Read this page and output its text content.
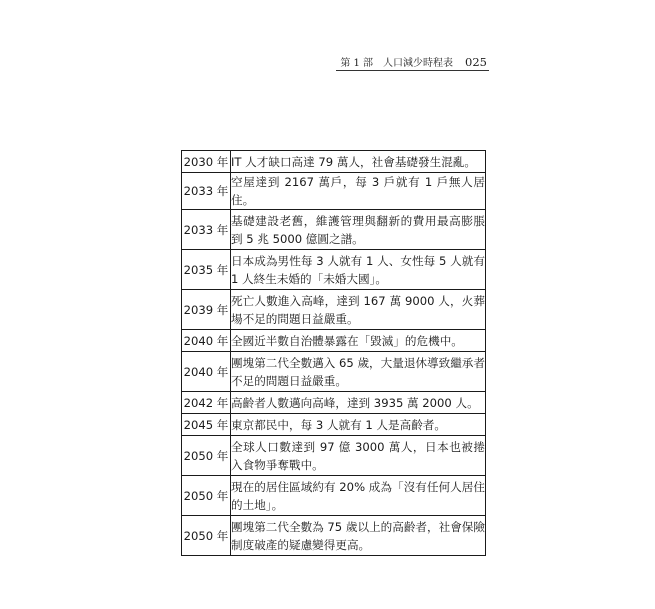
第 1 部　人口減少時程表 025
2030 年	IT 人才缺口高達 79 萬人，社會基礎發生混亂。
2033 年	空屋達到 2167 萬戶，每 3 戶就有 1 戶無人居住。
2033 年	基礎建設老舊，維護管理與翻新的費用最高膨脹到 5 兆 5000 億圓之譜。
2035 年	日本成為男性每 3 人就有 1 人、女性每 5 人就有 1 人終生未婚的「未婚大國」。
2039 年	死亡人數進入高峰，達到 167 萬 9000 人，火葬場不足的問題日益嚴重。
2040 年	全國近半數自治體暴露在「毀滅」的危機中。
2040 年	團塊第二代全數邁入 65 歲，大量退休導致繼承者不足的問題日益嚴重。
2042 年	高齡者人數邁向高峰，達到 3935 萬 2000 人。
2045 年	東京都民中，每 3 人就有 1 人是高齡者。
2050 年	全球人口數達到 97 億 3000 萬人，日本也被捲入食物爭奪戰中。
2050 年	現在的居住區域約有 20% 成為「沒有任何人居住的土地」。
2050 年	團塊第二代全數為 75 歲以上的高齡者，社會保險制度破產的疑慮變得更高。
